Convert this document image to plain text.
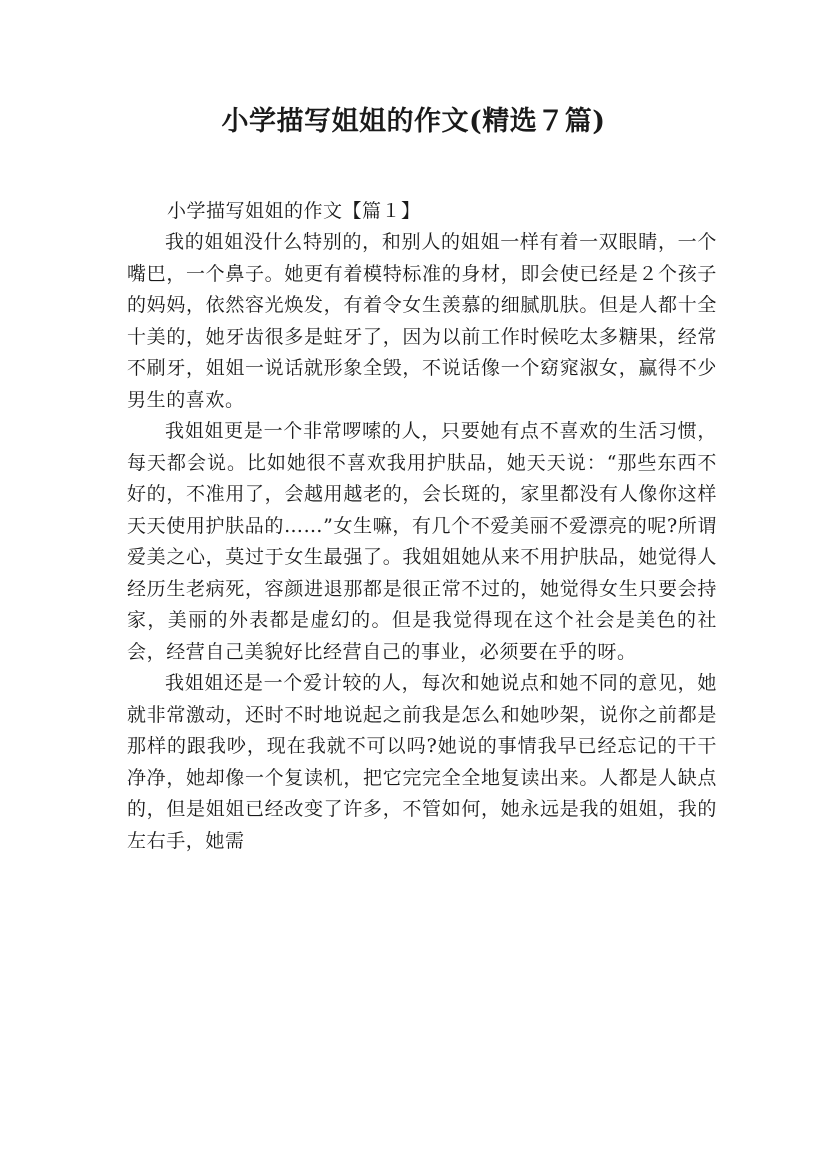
小学描写姐姐的作文(精选７篇)

小学描写姐姐的作文【篇１】

我的姐姐没什么特别的，和别人的姐姐一样有着一双眼睛，一个嘴巴，一个鼻子。她更有着模特标准的身材，即会使已经是２个孩子的妈妈，依然容光焕发，有着令女生羡慕的细腻肌肤。但是人都十全十美的，她牙齿很多是蛀牙了，因为以前工作时候吃太多糖果，经常不刷牙，姐姐一说话就形象全毁，不说话像一个窈窕淑女，赢得不少男生的喜欢。

我姐姐更是一个非常啰嗦的人，只要她有点不喜欢的生活习惯，每天都会说。比如她很不喜欢我用护肤品，她天天说：“那些东西不好的，不准用了，会越用越老的，会长斑的，家里都没有人像你这样天天使用护肤品的……”女生嘛，有几个不爱美丽不爱漂亮的呢?所谓爱美之心，莫过于女生最强了。我姐姐她从来不用护肤品，她觉得人经历生老病死，容颜进退那都是很正常不过的，她觉得女生只要会持家，美丽的外表都是虚幻的。但是我觉得现在这个社会是美色的社会，经营自己美貌好比经营自己的事业，必须要在乎的呀。

我姐姐还是一个爱计较的人，每次和她说点和她不同的意见，她就非常激动，还时不时地说起之前我是怎么和她吵架，说你之前都是那样的跟我吵，现在我就不可以吗?她说的事情我早已经忘记的干干净净，她却像一个复读机，把它完完全全地复读出来。人都是人缺点的，但是姐姐已经改变了许多，不管如何，她永远是我的姐姐，我的左右手，她需
